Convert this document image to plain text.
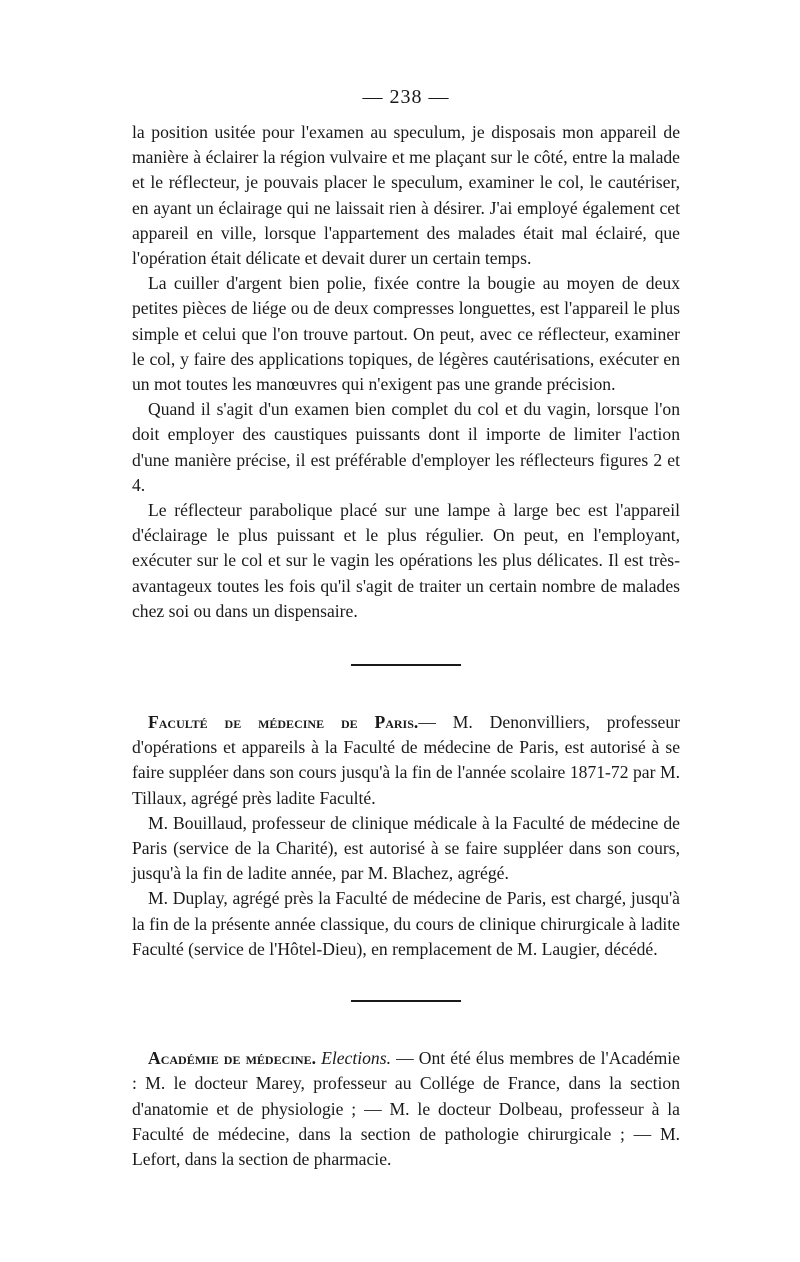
— 238 —

la position usitée pour l'examen au speculum, je disposais mon appareil de manière à éclairer la région vulvaire et me plaçant sur le côté, entre la malade et le réflecteur, je pouvais placer le speculum, examiner le col, le cautériser, en ayant un éclairage qui ne laissait rien à désirer. J'ai employé également cet appareil en ville, lorsque l'appartement des malades était mal éclairé, que l'opération était délicate et devait durer un certain temps.

La cuiller d'argent bien polie, fixée contre la bougie au moyen de deux petites pièces de liége ou de deux compresses longuettes, est l'appareil le plus simple et celui que l'on trouve partout. On peut, avec ce réflecteur, examiner le col, y faire des applications topiques, de légères cautérisations, exécuter en un mot toutes les manœuvres qui n'exigent pas une grande précision.

Quand il s'agit d'un examen bien complet du col et du vagin, lorsque l'on doit employer des caustiques puissants dont il importe de limiter l'action d'une manière précise, il est préférable d'employer les réflecteurs figures 2 et 4.

Le réflecteur parabolique placé sur une lampe à large bec est l'appareil d'éclairage le plus puissant et le plus régulier. On peut, en l'employant, exécuter sur le col et sur le vagin les opérations les plus délicates. Il est très-avantageux toutes les fois qu'il s'agit de traiter un certain nombre de malades chez soi ou dans un dispensaire.

Faculté de médecine de Paris.— M. Denonvilliers, professeur d'opérations et appareils à la Faculté de médecine de Paris, est autorisé à se faire suppléer dans son cours jusqu'à la fin de l'année scolaire 1871-72 par M. Tillaux, agrégé près ladite Faculté.

M. Bouillaud, professeur de clinique médicale à la Faculté de médecine de Paris (service de la Charité), est autorisé à se faire suppléer dans son cours, jusqu'à la fin de ladite année, par M. Blachez, agrégé.

M. Duplay, agrégé près la Faculté de médecine de Paris, est chargé, jusqu'à la fin de la présente année classique, du cours de clinique chirurgicale à ladite Faculté (service de l'Hôtel-Dieu), en remplacement de M. Laugier, décédé.

Académie de médecine. Elections. — Ont été élus membres de l'Académie : M. le docteur Marey, professeur au Collége de France, dans la section d'anatomie et de physiologie ; — M. le docteur Dolbeau, professeur à la Faculté de médecine, dans la section de pathologie chirurgicale ; — M. Lefort, dans la section de pharmacie.
